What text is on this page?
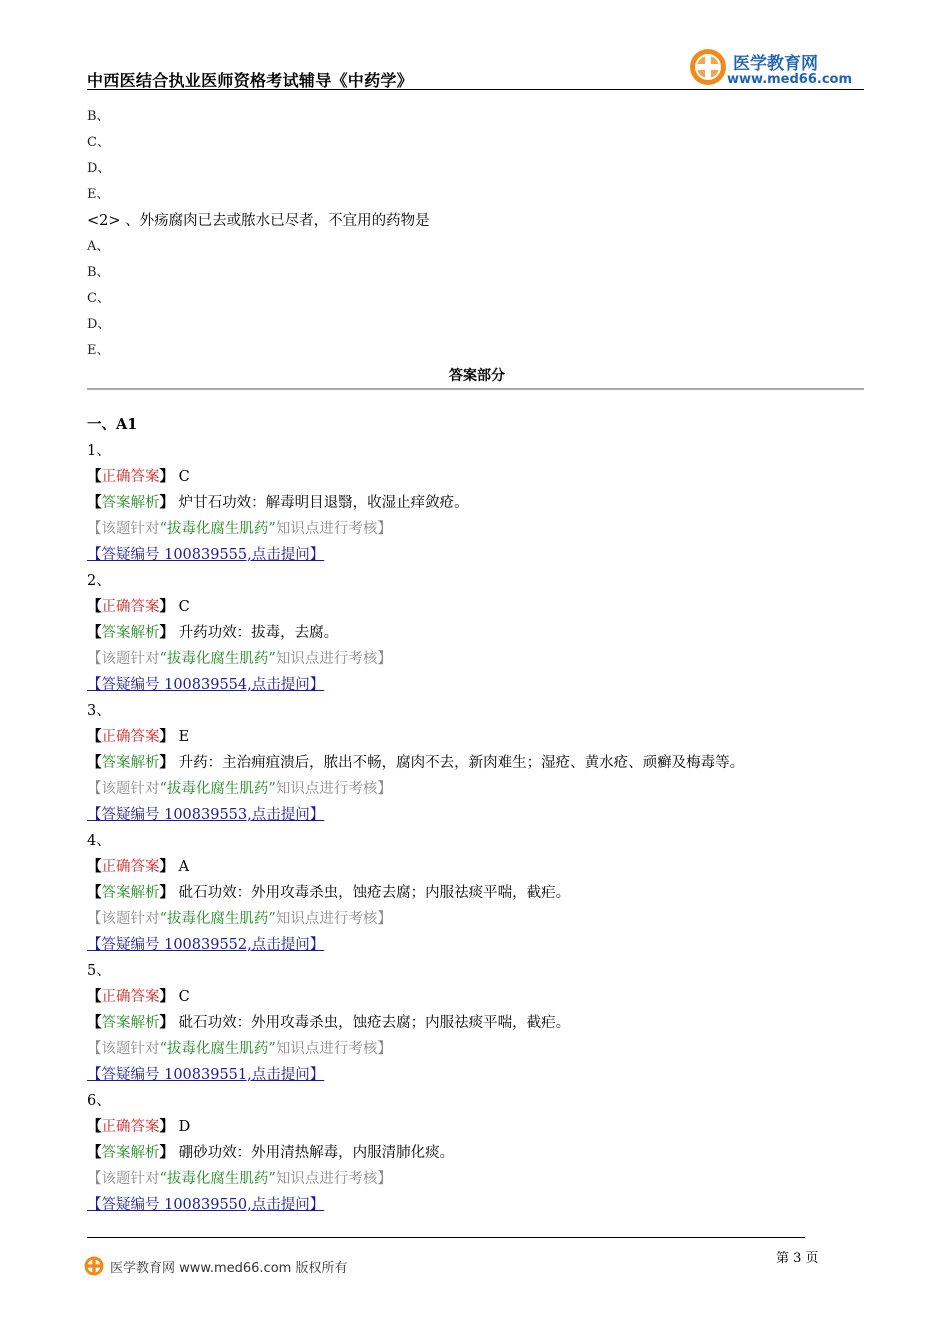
中西医结合执业医师资格考试辅导《中药学》
医学教育网
www.med66.com
B、
C、
D、
E、
<2> 、外疡腐肉已去或脓水已尽者，不宜用的药物是
A、
B、
C、
D、
E、
答案部分
一、A1
1、
【正确答案】 C
【答案解析】 炉甘石功效：解毒明目退翳，收湿止痒敛疮。
【该题针对“拔毒化腐生肌药”知识点进行考核】
【答疑编号 100839555,点击提问】
2、
【正确答案】 C
【答案解析】 升药功效：拔毒，去腐。
【该题针对“拔毒化腐生肌药”知识点进行考核】
【答疑编号 100839554,点击提问】
3、
【正确答案】 E
【答案解析】 升药：主治痈疽溃后，脓出不畅，腐肉不去，新肉难生；湿疮、黄水疮、顽癣及梅毒等。
【该题针对“拔毒化腐生肌药”知识点进行考核】
【答疑编号 100839553,点击提问】
4、
【正确答案】 A
【答案解析】 砒石功效：外用攻毒杀虫，蚀疮去腐；内服祛痰平喘，截疟。
【该题针对“拔毒化腐生肌药”知识点进行考核】
【答疑编号 100839552,点击提问】
5、
【正确答案】 C
【答案解析】 砒石功效：外用攻毒杀虫，蚀疮去腐；内服祛痰平喘，截疟。
【该题针对“拔毒化腐生肌药”知识点进行考核】
【答疑编号 100839551,点击提问】
6、
【正确答案】 D
【答案解析】 硼砂功效：外用清热解毒，内服清肺化痰。
【该题针对“拔毒化腐生肌药”知识点进行考核】
【答疑编号 100839550,点击提问】
医学教育网 www.med66.com 版权所有
第 3 页
